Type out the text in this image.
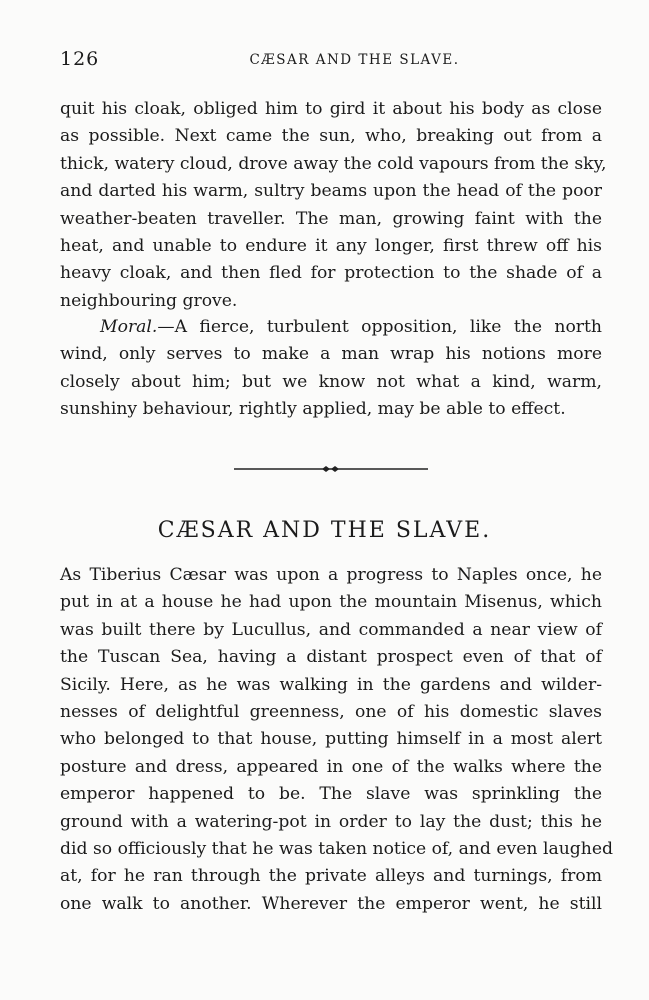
126	CÆSAR AND THE SLAVE.
quit his cloak, obliged him to gird it about his body as close
as possible. Next came the sun, who, breaking out from a
thick, watery cloud, drove away the cold vapours from the sky,
and darted his warm, sultry beams upon the head of the poor
weather-beaten traveller. The man, growing faint with the
heat, and unable to endure it any longer, first threw off his
heavy cloak, and then fled for protection to the shade of a
neighbouring grove.
Moral.—A fierce, turbulent opposition, like the north
wind, only serves to make a man wrap his notions more
closely about him; but we know not what a kind, warm,
sunshiny behaviour, rightly applied, may be able to effect.
CÆSAR AND THE SLAVE.
As Tiberius Cæsar was upon a progress to Naples once, he
put in at a house he had upon the mountain Misenus, which
was built there by Lucullus, and commanded a near view of
the Tuscan Sea, having a distant prospect even of that of
Sicily. Here, as he was walking in the gardens and wilder-
nesses of delightful greenness, one of his domestic slaves
who belonged to that house, putting himself in a most alert
posture and dress, appeared in one of the walks where the
emperor happened to be. The slave was sprinkling the
ground with a watering-pot in order to lay the dust; this he
did so officiously that he was taken notice of, and even laughed
at, for he ran through the private alleys and turnings, from
one walk to another. Wherever the emperor went, he still
